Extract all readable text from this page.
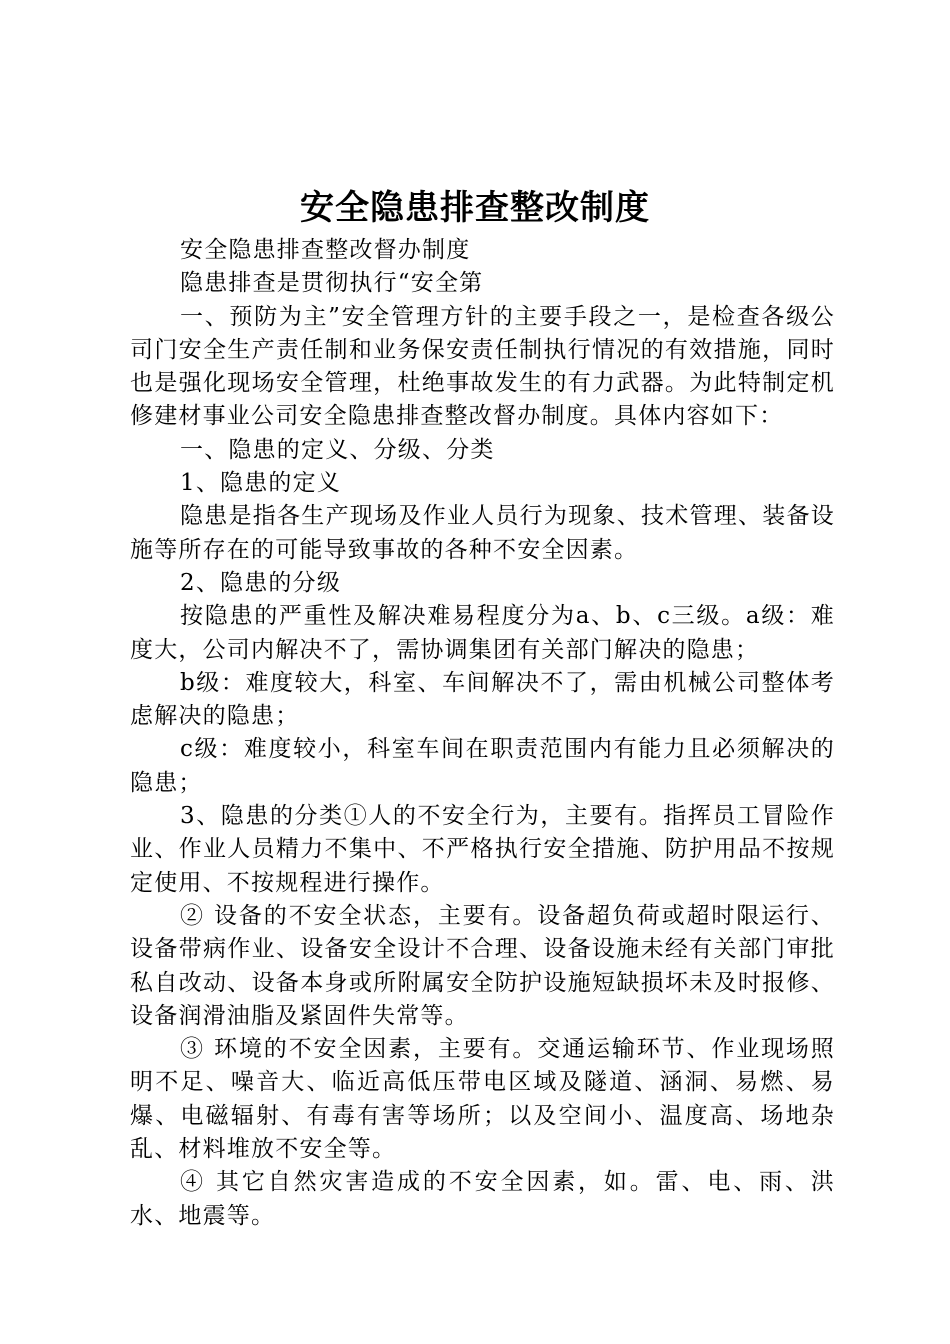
安全隐患排查整改制度

安全隐患排查整改督办制度

隐患排查是贯彻执行“安全第

一、预防为主”安全管理方针的主要手段之一，是检查各级公司门安全生产责任制和业务保安责任制执行情况的有效措施，同时也是强化现场安全管理，杜绝事故发生的有力武器。为此特制定机修建材事业公司安全隐患排查整改督办制度。具体内容如下：

一、隐患的定义、分级、分类

1、隐患的定义

隐患是指各生产现场及作业人员行为现象、技术管理、装备设施等所存在的可能导致事故的各种不安全因素。

2、隐患的分级

按隐患的严重性及解决难易程度分为a、b、c三级。a级：难度大，公司内解决不了，需协调集团有关部门解决的隐患；

b级：难度较大，科室、车间解决不了，需由机械公司整体考虑解决的隐患；

c级：难度较小，科室车间在职责范围内有能力且必须解决的隐患；

3、隐患的分类①人的不安全行为，主要有。指挥员工冒险作业、作业人员精力不集中、不严格执行安全措施、防护用品不按规定使用、不按规程进行操作。

② 设备的不安全状态，主要有。设备超负荷或超时限运行、设备带病作业、设备安全设计不合理、设备设施未经有关部门审批私自改动、设备本身或所附属安全防护设施短缺损坏未及时报修、设备润滑油脂及紧固件失常等。

③ 环境的不安全因素，主要有。交通运输环节、作业现场照明不足、噪音大、临近高低压带电区域及隧道、涵洞、易燃、易爆、电磁辐射、有毒有害等场所；以及空间小、温度高、场地杂乱、材料堆放不安全等。

④ 其它自然灾害造成的不安全因素，如。雷、电、雨、洪水、地震等。
